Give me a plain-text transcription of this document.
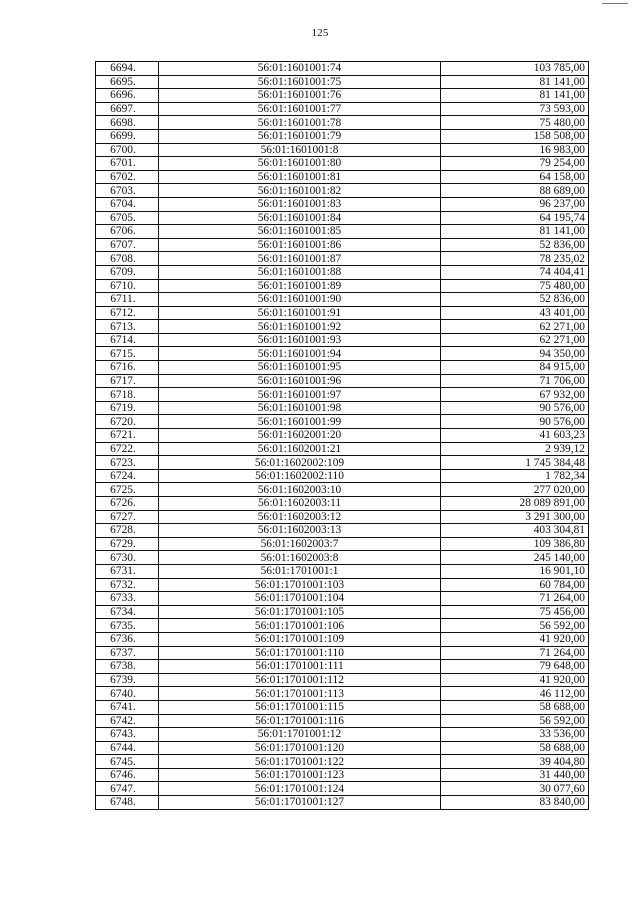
125
6694.	56:01:1601001:74	103 785,00
6695.	56:01:1601001:75	81 141,00
6696.	56:01:1601001:76	81 141,00
6697.	56:01:1601001:77	73 593,00
6698.	56:01:1601001:78	75 480,00
6699.	56:01:1601001:79	158 508,00
6700.	56:01:1601001:8	16 983,00
6701.	56:01:1601001:80	79 254,00
6702.	56:01:1601001:81	64 158,00
6703.	56:01:1601001:82	88 689,00
6704.	56:01:1601001:83	96 237,00
6705.	56:01:1601001:84	64 195,74
6706.	56:01:1601001:85	81 141,00
6707.	56:01:1601001:86	52 836,00
6708.	56:01:1601001:87	78 235,02
6709.	56:01:1601001:88	74 404,41
6710.	56:01:1601001:89	75 480,00
6711.	56:01:1601001:90	52 836,00
6712.	56:01:1601001:91	43 401,00
6713.	56:01:1601001:92	62 271,00
6714.	56:01:1601001:93	62 271,00
6715.	56:01:1601001:94	94 350,00
6716.	56:01:1601001:95	84 915,00
6717.	56:01:1601001:96	71 706,00
6718.	56:01:1601001:97	67 932,00
6719.	56:01:1601001:98	90 576,00
6720.	56:01:1601001:99	90 576,00
6721.	56:01:1602001:20	41 603,23
6722.	56:01:1602001:21	2 939,12
6723.	56:01:1602002:109	1 745 384,48
6724.	56:01:1602002:110	1 782,34
6725.	56:01:1602003:10	277 020,00
6726.	56:01:1602003:11	28 089 891,00
6727.	56:01:1602003:12	3 291 300,00
6728.	56:01:1602003:13	403 304,81
6729.	56:01:1602003:7	109 386,80
6730.	56:01:1602003:8	245 140,00
6731.	56:01:1701001:1	16 901,10
6732.	56:01:1701001:103	60 784,00
6733.	56:01:1701001:104	71 264,00
6734.	56:01:1701001:105	75 456,00
6735.	56:01:1701001:106	56 592,00
6736.	56:01:1701001:109	41 920,00
6737.	56:01:1701001:110	71 264,00
6738.	56:01:1701001:111	79 648,00
6739.	56:01:1701001:112	41 920,00
6740.	56:01:1701001:113	46 112,00
6741.	56:01:1701001:115	58 688,00
6742.	56:01:1701001:116	56 592,00
6743.	56:01:1701001:12	33 536,00
6744.	56:01:1701001:120	58 688,00
6745.	56:01:1701001:122	39 404,80
6746.	56:01:1701001:123	31 440,00
6747.	56:01:1701001:124	30 077,60
6748.	56:01:1701001:127	83 840,00
